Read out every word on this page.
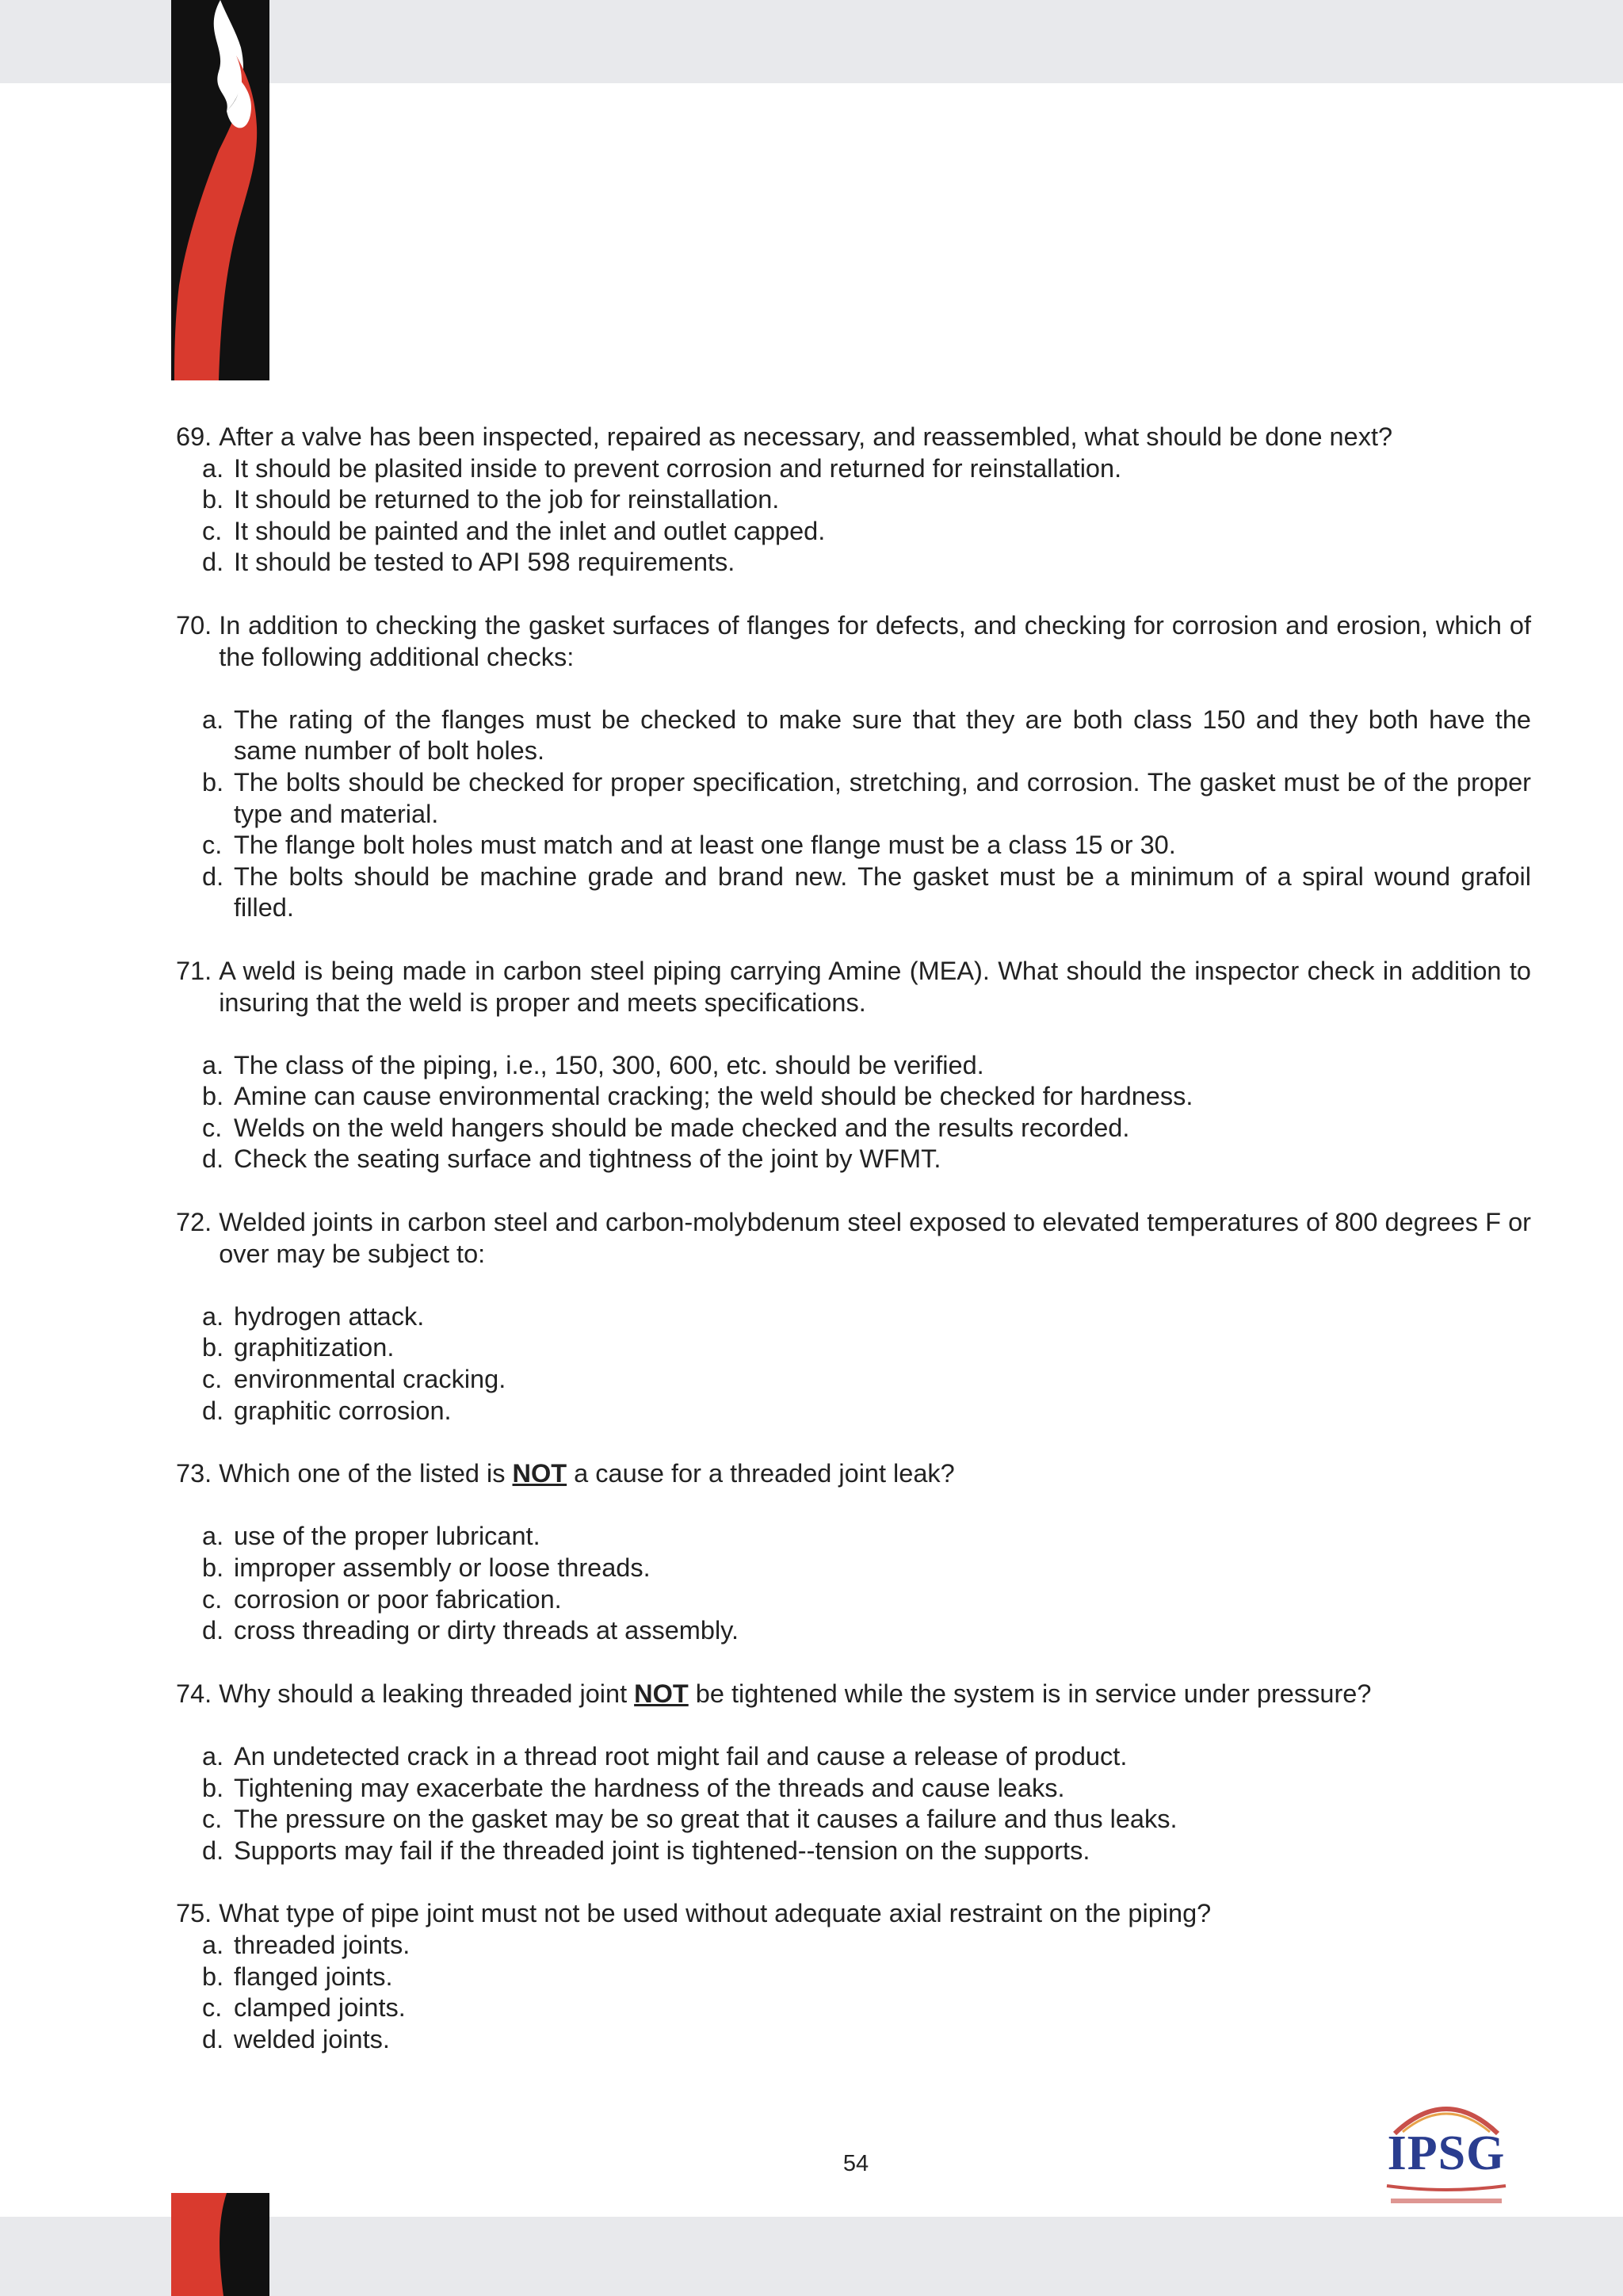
69. After a valve has been inspected, repaired as necessary, and reassembled, what should be done next?
a. It should be plasited inside to prevent corrosion and returned for reinstallation.
b. It should be returned to the job for reinstallation.
c. It should be painted and the inlet and outlet capped.
d. It should be tested to API 598 requirements.
70. In addition to checking the gasket surfaces of flanges for defects, and checking for corrosion and erosion, which of the following additional checks:
a. The rating of the flanges must be checked to make sure that they are both class 150 and they both have the same number of bolt holes.
b. The bolts should be checked for proper specification, stretching, and corrosion. The gasket must be of the proper type and material.
c. The flange bolt holes must match and at least one flange must be a class 15 or 30.
d. The bolts should be machine grade and brand new. The gasket must be a minimum of a spiral wound grafoil filled.
71. A weld is being made in carbon steel piping carrying Amine (MEA). What should the inspector check in addition to insuring that the weld is proper and meets specifications.
a. The class of the piping, i.e., 150, 300, 600, etc. should be verified.
b. Amine can cause environmental cracking; the weld should be checked for hardness.
c. Welds on the weld hangers should be made checked and the results recorded.
d. Check the seating surface and tightness of the joint by WFMT.
72. Welded joints in carbon steel and carbon-molybdenum steel exposed to elevated temperatures of 800 degrees F or over may be subject to:
a. hydrogen attack.
b. graphitization.
c. environmental cracking.
d. graphitic corrosion.
73. Which one of the listed is NOT a cause for a threaded joint leak?
a. use of the proper lubricant.
b. improper assembly or loose threads.
c. corrosion or poor fabrication.
d. cross threading or dirty threads at assembly.
74. Why should a leaking threaded joint NOT be tightened while the system is in service under pressure?
a. An undetected crack in a thread root might fail and cause a release of product.
b. Tightening may exacerbate the hardness of the threads and cause leaks.
c. The pressure on the gasket may be so great that it causes a failure and thus leaks.
d. Supports may fail if the threaded joint is tightened--tension on the supports.
75. What type of pipe joint must not be used without adequate axial restraint on the piping?
a. threaded joints.
b. flanged joints.
c. clamped joints.
d. welded joints.
54	IPSG
